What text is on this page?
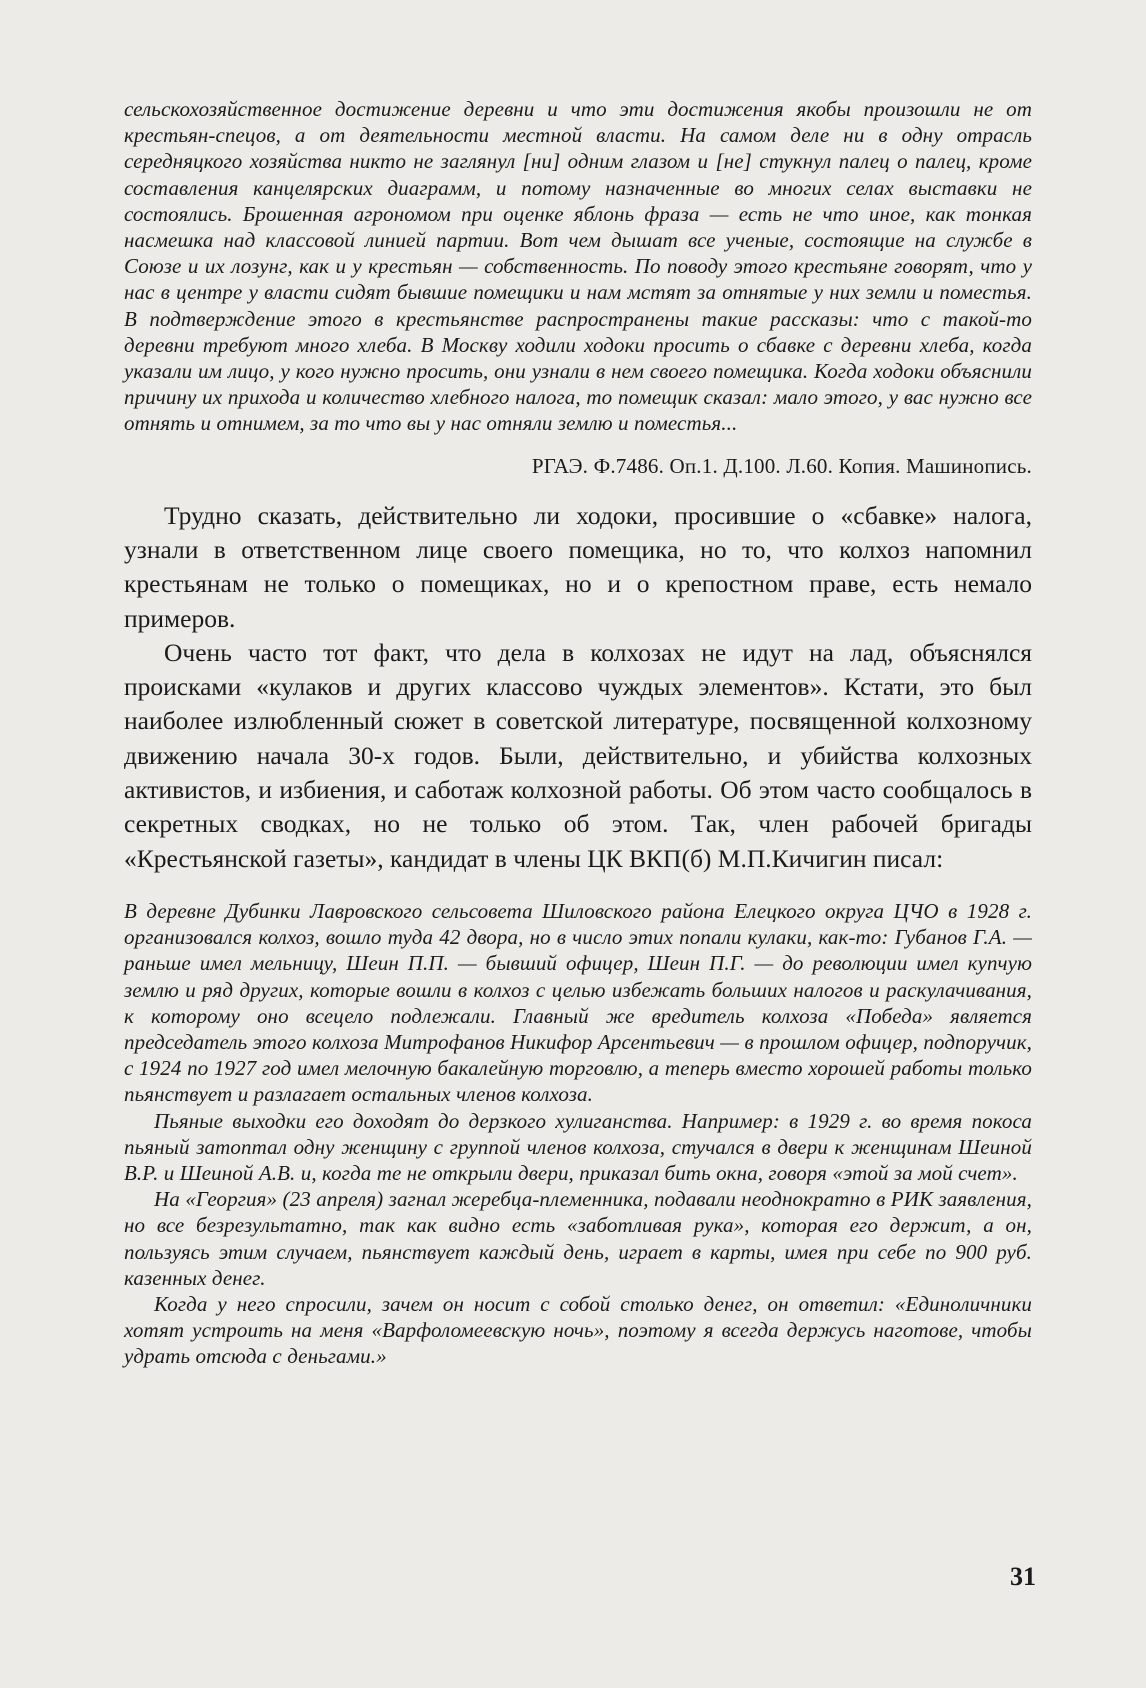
сельскохозяйственное достижение деревни и что эти достижения якобы произошли не от крестьян-спецов, а от деятельности местной власти. На самом деле ни в одну отрасль середняцкого хозяйства никто не заглянул [ни] одним глазом и [не] стукнул палец о палец, кроме составления канцелярских диаграмм, и потому назначенные во многих селах выставки не состоялись. Брошенная агрономом при оценке яблонь фраза — есть не что иное, как тонкая насмешка над классовой линией партии. Вот чем дышат все ученые, состоящие на службе в Союзе и их лозунг, как и у крестьян — собственность. По поводу этого крестьяне говорят, что у нас в центре у власти сидят бывшие помещики и нам мстят за отнятые у них земли и поместья. В подтверждение этого в крестьянстве распространены такие рассказы: что с такой-то деревни требуют много хлеба. В Москву ходили ходоки просить о сбавке с деревни хлеба, когда указали им лицо, у кого нужно просить, они узнали в нем своего помещика. Когда ходоки объяснили причину их прихода и количество хлебного налога, то помещик сказал: мало этого, у вас нужно все отнять и отнимем, за то что вы у нас отняли землю и поместья...

РГАЭ. Ф.7486. Оп.1. Д.100. Л.60. Копия. Машинопись.

Трудно сказать, действительно ли ходоки, просившие о «сбавке» налога, узнали в ответственном лице своего помещика, но то, что колхоз напомнил крестьянам не только о помещиках, но и о крепостном праве, есть немало примеров.

Очень часто тот факт, что дела в колхозах не идут на лад, объяснялся происками «кулаков и других классово чуждых элементов». Кстати, это был наиболее излюбленный сюжет в советской литературе, посвященной колхозному движению начала 30-х годов. Были, действительно, и убийства колхозных активистов, и избиения, и саботаж колхозной работы. Об этом часто сообщалось в секретных сводках, но не только об этом. Так, член рабочей бригады «Крестьянской газеты», кандидат в члены ЦК ВКП(б) М.П.Кичигин писал:

В деревне Дубинки Лавровского сельсовета Шиловского района Елецкого округа ЦЧО в 1928 г. организовался колхоз, вошло туда 42 двора, но в число этих попали кулаки, как-то: Губанов Г.А. — раньше имел мельницу, Шеин П.П. — бывший офицер, Шеин П.Г. — до революции имел купчую землю и ряд других, которые вошли в колхоз с целью избежать больших налогов и раскулачивания, к которому оно всецело подлежали. Главный же вредитель колхоза «Победа» является председатель этого колхоза Митрофанов Никифор Арсентьевич — в прошлом офицер, подпоручик, с 1924 по 1927 год имел мелочную бакалейную торговлю, а теперь вместо хорошей работы только пьянствует и разлагает остальных членов колхоза.

Пьяные выходки его доходят до дерзкого хулиганства. Например: в 1929 г. во время покоса пьяный затоптал одну женщину с группой членов колхоза, стучался в двери к женщинам Шеиной В.Р. и Шеиной А.В. и, когда те не открыли двери, приказал бить окна, говоря «этой за мой счет».

На «Георгия» (23 апреля) загнал жеребца-племенника, подавали неоднократно в РИК заявления, но все безрезультатно, так как видно есть «заботливая рука», которая его держит, а он, пользуясь этим случаем, пьянствует каждый день, играет в карты, имея при себе по 900 руб. казенных денег.

Когда у него спросили, зачем он носит с собой столько денег, он ответил: «Единоличники хотят устроить на меня «Варфоломеевскую ночь», поэтому я всегда держусь наготове, чтобы удрать отсюда с деньгами.»

31
